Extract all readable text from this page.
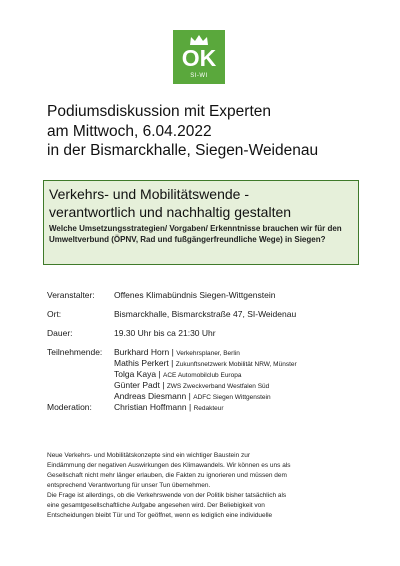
OK
SI-WI
Podiumsdiskussion mit Experten
am Mittwoch, 6.04.2022
in der Bismarckhalle, Siegen-Weidenau
Verkehrs- und Mobilitätswende -
verantwortlich und nachhaltig gestalten
Welche Umsetzungsstrategien/ Vorgaben/ Erkenntnisse brauchen wir für den Umweltverbund (ÖPNV, Rad und fußgängerfreundliche Wege) in Siegen?
Veranstalter: Offenes Klimabündnis Siegen-Wittgenstein
Ort:	Bismarckhalle, Bismarckstraße 47, SI-Weidenau
Dauer:	19.30 Uhr bis ca 21:30 Uhr
Teilnehmende: Burkhard Horn | Verkehrsplaner, Berlin
Mathis Perkert | Zukunftsnetzwerk Mobilität NRW, Münster
Tolga Kaya | ACE Automobilclub Europa
Günter Padt | ZWS Zweckverband Westfalen Süd
Andreas Diesmann | ADFC Siegen Wittgenstein
Moderation:	Christian Hoffmann | Redakteur
Neue Verkehrs- und Mobilitätskonzepte sind ein wichtiger Baustein zur
Eindämmung der negativen Auswirkungen des Klimawandels. Wir können es uns als
Gesellschaft nicht mehr länger erlauben, die Fakten zu ignorieren und müssen dem
entsprechend Verantwortung für unser Tun übernehmen.
Die Frage ist allerdings, ob die Verkehrswende von der Politik bisher tatsächlich als
eine gesamtgesellschaftliche Aufgabe angesehen wird. Der Beliebigkeit von
Entscheidungen bleibt Tür und Tor geöffnet, wenn es lediglich eine individuelle
